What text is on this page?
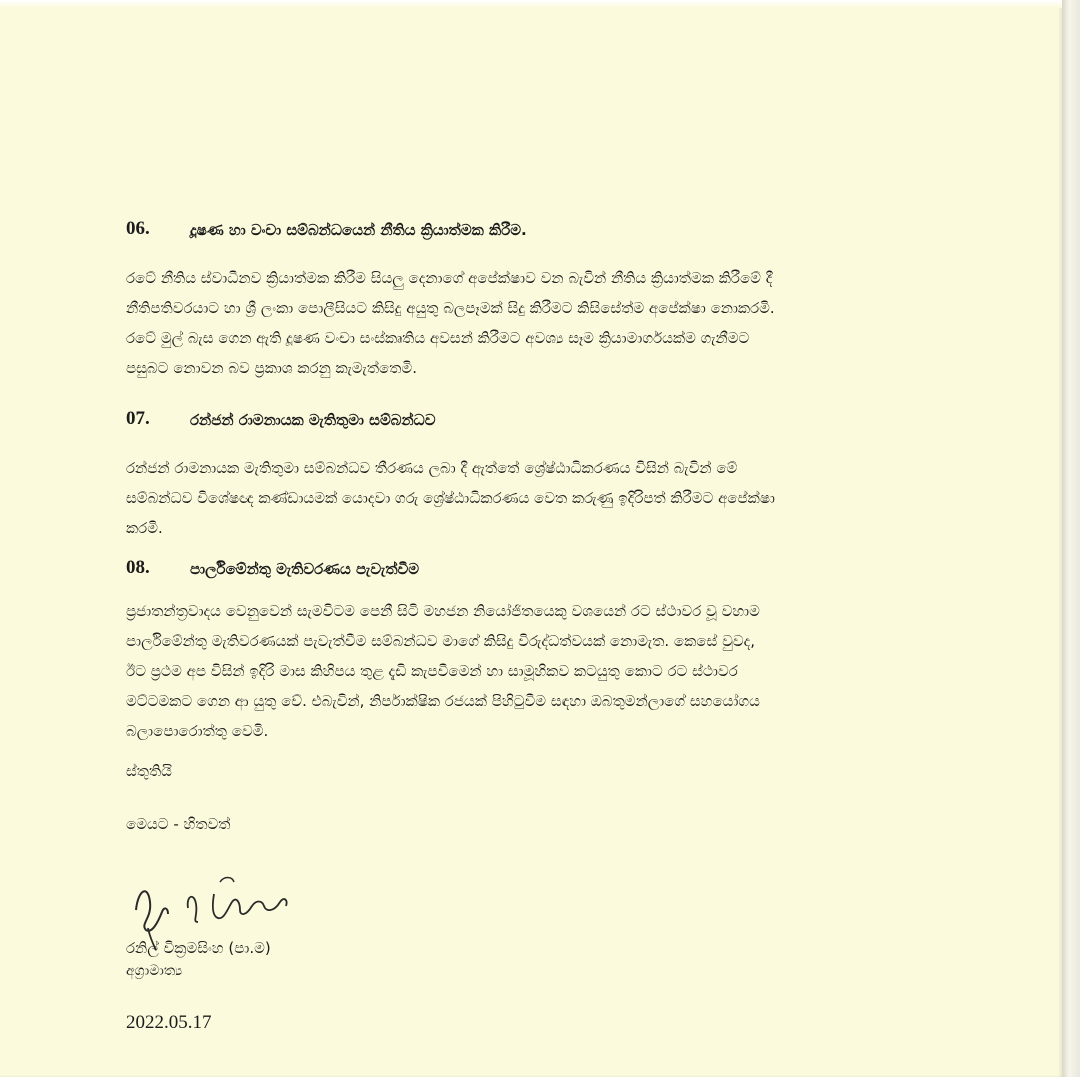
06.	දූෂණ හා වංචා සම්බන්ධයෙන් නීතිය ක්‍රියාත්මක කිරීම.
රටේ නීතිය ස්වාධීනව ක්‍රියාත්මක කිරීම සියලු දෙනාගේ අපේක්ෂාව වන බැවින් නීතිය ක්‍රියාත්මක කිරීමේ දී
නීතිපතිවරයාට හා ශ්‍රී ලංකා පොලීසියට කිසිදු අයුතු බලපෑමක් සිදු කිරීමට කිසිසේත්ම අපේක්ෂා නොකරමි.
රටේ මුල් බැස ගෙන ඇති දූෂණ වංචා සංස්කෘතිය අවසන් කිරීමට අවශ්‍ය සෑම ක්‍රියාමාර්ගයක්ම ගැනීමට
පසුබට නොවන බව ප්‍රකාශ කරනු කැමැත්තෙමි.
07.	රන්ජන් රාමනායක මැතිතුමා සම්බන්ධව
රන්ජන් රාමනායක මැතිතුමා සම්බන්ධව තීරණය ලබා දී ඇත්තේ ශ්‍රේෂ්ඨාධිකරණය විසින් බැවින් මේ
සම්බන්ධව විශේෂඥ කණ්ඩායමක් යොදවා ගරු ශ්‍රේෂ්ඨාධිකරණය වෙත කරුණු ඉදිරිපත් කිරීමට අපේක්ෂා
කරමි.
08.	පාර්ලිමේන්තු මැතිවරණය පැවැත්වීම
ප්‍රජාතන්ත්‍රවාදය වෙනුවෙන් සැමවිටම පෙනී සිටි මහජන නියෝජිතයෙකු වශයෙන් රට ස්ථාවර වූ වහාම
පාර්ලිමේන්තු මැතිවරණයක් පැවැත්වීම සම්බන්ධව මාගේ කිසිදු විරුද්ධත්වයක් නොමැත. කෙසේ වුවද,
ඊට ප්‍රථම අප විසින් ඉදිරි මාස කිහිපය තුළ දැඩි කැපවීමෙන් හා සාමූහිකව කටයුතු කොට රට ස්ථාවර
මට්ටමකට ගෙන ආ යුතු වේ. එබැවින්, නිර්පාක්ෂික රජයක් පිහිටුවීම සඳහා ඔබතුමන්ලාගේ සහයෝගය
බලාපොරොත්තු වෙමි.
ස්තුතියි
මෙයට - හිතවත්
රනිල් වික්‍රමසිංහ (පා.ම)
අග්‍රාමාත්‍ය
2022.05.17
